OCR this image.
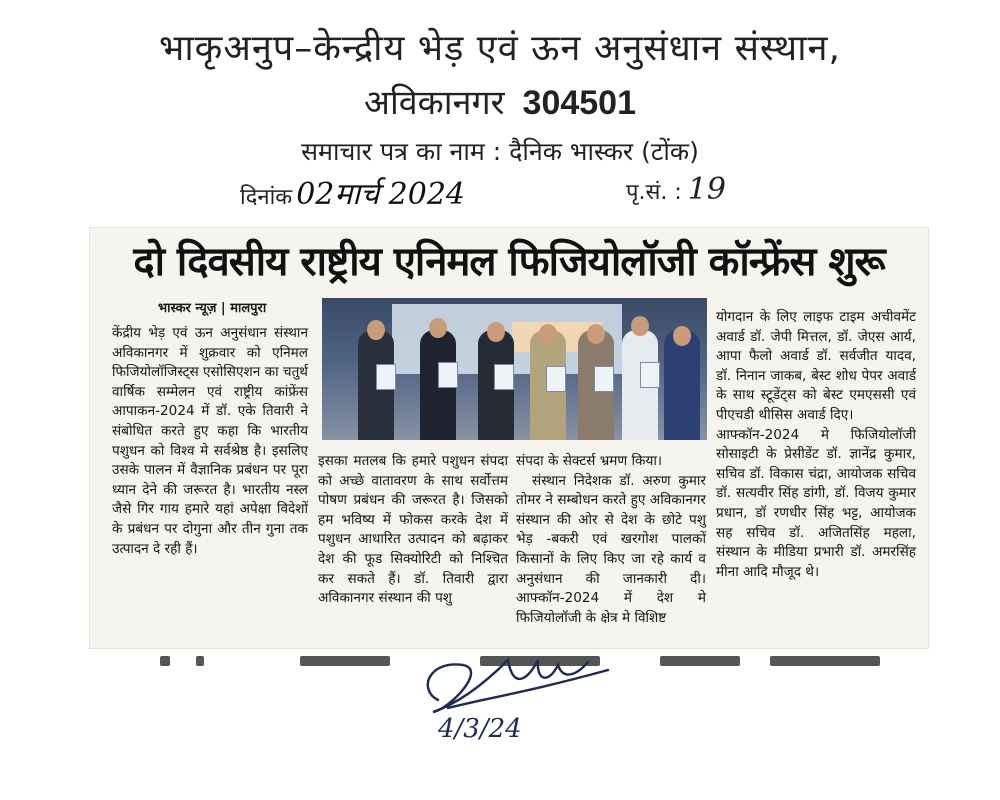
भाकृअनुप–केन्द्रीय भेड़ एवं ऊन अनुसंधान संस्थान,
अविकानगर 304501
समाचार पत्र का नाम : दैनिक भास्कर (टोंक)
दिनांक 02मार्च 2024	पृ.सं. : 19
दो दिवसीय राष्ट्रीय एनिमल फिजियोलॉजी कॉन्फ्रेंस शुरू
भास्कर न्यूज़ | मालपुरा

केंद्रीय भेड़ एवं ऊन अनुसंधान संस्थान अविकानगर में शुक्रवार को एनिमल फिजियोलॉजिस्ट्स एसोसिएशन का चतुर्थ वार्षिक सम्मेलन एवं राष्ट्रीय कांफ्रेंस आपाकन-2024 में डॉ. एके तिवारी ने संबोधित करते हुए कहा कि भारतीय पशुधन को विश्व मे सर्वश्रेष्ठ है। इसलिए उसके पालन में वैज्ञानिक प्रबंधन पर पूरा ध्यान देने की जरूरत है। भारतीय नस्ल जैसे गिर गाय हमारे यहां अपेक्षा विदेशों के प्रबंधन पर दोगुना और तीन गुना तक उत्पादन दे रही हैं।

इसका मतलब कि हमारे पशुधन संपदा को अच्छे वातावरण के साथ सर्वोत्तम पोषण प्रबंधन की जरूरत है। जिसको हम भविष्य में फोकस करके देश में पशुधन आधारित उत्पादन को बढ़ाकर देश की फूड सिक्योरिटी को निश्चित कर सकते हैं। डॉ. तिवारी द्वारा अविकानगर संस्थान की पशु

संपदा के सेक्टर्स भ्रमण किया।

संस्थान निदेशक डॉ. अरुण कुमार तोमर ने सम्बोधन करते हुए अविकानगर संस्थान की ओर से देश के छोटे पशु भेड़ -बकरी एवं खरगोश पालकों किसानों के लिए किए जा रहे कार्य व अनुसंधान की जानकारी दी। आफ्कॉन-2024 में देश मे फिजियोलॉजी के क्षेत्र मे विशिष्ट

योगदान के लिए लाइफ टाइम अचीवमेंट अवार्ड डॉ. जेपी मित्तल, डॉ. जेएस आर्य, आपा फैलो अवार्ड डॉ. सर्वजीत यादव, डॉ. निनान जाकब, बेस्ट शोध पेपर अवार्ड के साथ स्टूडेंट्स को बेस्ट एमएससी एवं पीएचडी थीसिस अवार्ड दिए।

आफ्कॉन-2024 मे फिजियोलॉजी सोसाइटी के प्रेसीडेंट डॉ. ज्ञानेंद्र कुमार, सचिव डॉ. विकास चंद्रा, आयोजक सचिव डॉ. सत्यवीर सिंह डांगी, डॉ. विजय कुमार प्रधान, डॉ रणधीर सिंह भट्ट, आयोजक सह सचिव डॉ. अजितसिंह महला, संस्थान के मीडिया प्रभारी डॉ. अमरसिंह मीना आदि मौजूद थे।

4/3/24
